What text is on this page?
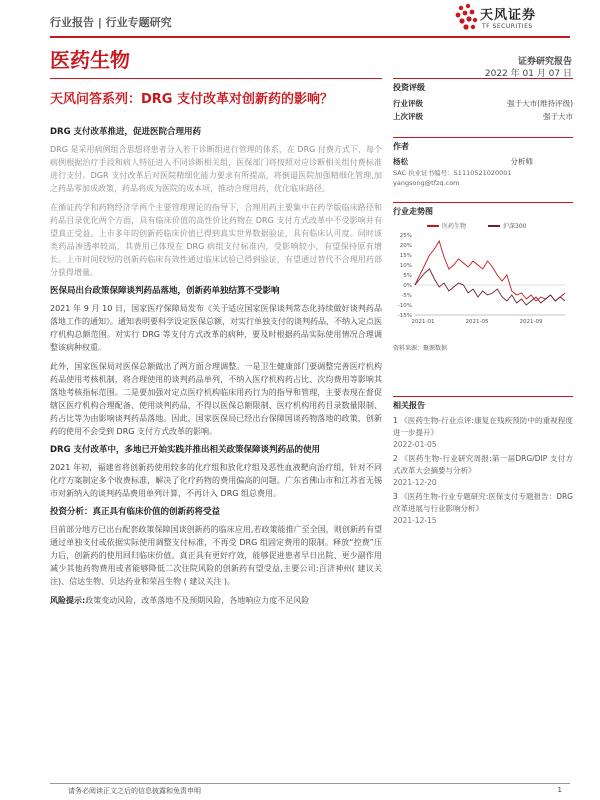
行业报告 | 行业专题研究	天风证券
TF SECURITIES
医药生物	证券研究报告
2022 年 01 月 07 日
天风问答系列：DRG 支付改革对创新药的影响？
DRG 支付改革推进，促进医院合理用药

DRG 是采用病例组合思想将患者分入若干诊断组进行管理的体系，在 DRG 付费方式下，每个病例根据治疗手段和病人特征进入不同诊断相关组，医保部门将按照对应诊断相关组付费标准进行支付。DGR 支付改革后对医院精细化能力要求有所提高，将倒逼医院加强精细化管理,加之药品零加成政策，药品将成为医院的成本项，推动合理用药，优化临床路径。

在循证药学和药物经济学两个主要管理理论的指导下，合理用药主要集中在药学版临床路径和药品目录优化两个方面，具有临床价值的高性价比药物在 DRG 支付方式改革中不受影响并有望真正受益。上市多年的创新药临床价值已得到真实世界数据验证，具有临床认可度。同时该类药品渗透率较高，其费用已体现在 DRG 病组支付标准内，受影响较小，有望保持原有增长。上市时间较短的创新药临床有效性通过临床试验已得到验证，有望通过替代不合理用药部分获得增量。

医保局出台政策保障谈判药品落地，创新药单独结算不受影响

2021 年 9 月 10 日，国家医疗保障局发布《关于适应国家医保谈判常态化持续做好谈判药品落地工作的通知》。通知表明要科学设定医保总额，对实行单独支付的谈判药品，不纳入定点医疗机构总额范围。对实行 DRG 等支付方式改革的病种，要及时根据药品实际使用情况合理调整该病种权重。

此外，国家医保局对医保总额做出了两方面合理调整。一是卫生健康部门要调整完善医疗机构药品使用考核机制，将合理使用的谈判药品单列，不纳入医疗机构药占比、次均费用等影响其落地考核指标范围。二是要加强对定点医疗机构临床用药行为的指导和管理，主要表现在督促辖区医疗机构合理配备、使用谈判药品，不得以医保总额限制、医疗机构用药目录数量限制、药占比等为由影响谈判药品落地。因此，国家医保局已经出台保障国谈药物落地的政策，创新药的使用不会受到 DRG 支付方式改革的影响。

DRG 支付改革中，多地已开始实践并推出相关政策保障谈判药品的使用

2021 年初，福建省将创新药使用较多的化疗组和放化疗组及恶性血液靶向治疗组，针对不同化疗方案制定多个收费标准，解决了化疗药物的费用偏高的问题。广东省佛山市和江苏省无锡市对新纳入的谈判药品费用单列计算，不再计入 DRG 组总费用。

投资分析：真正具有临床价值的创新药将受益

目前部分地方已出台配套政策保障国谈创新药的临床应用,若政策能推广至全国，则创新药有望通过单独支付或依据实际使用调整支付标准，不再受 DRG 组固定费用的限制。释放“控费”压力后，创新药的使用回归临床价值。真正具有更好疗效，能够促进患者早日出院、更少副作用减少其他药物费用或者能够降低二次住院风险的创新药有望受益,主要公司:百济神州( 建议关注)、信达生物、贝达药业和荣昌生物 ( 建议关注 )。

风险提示:政策变动风险，改革落地不及预期风险，各地响应力度不足风险

投资评级
行业评级	强于大市(维持评级)
上次评级	强于大市
作者
杨松	分析师
SAC 执业证书编号：S1110521020001
yangsong@tfzq.com
行业走势图
医药生物	沪深300
25%
20%
15%
10%
5%
0%
-5%
-10%
-15%
2021-01	2021-05	2021-09
资料来源：聚源数据
相关报告
1 《医药生物-行业点评:康复在残疾预防中的重视程度进一步提升》
2022-01-05
2 《医药生物-行业研究周报:第一届DRG/DIP 支付方式改革大会摘要与分析》
2021-12-20
3 《医药生物-行业专题研究:医保支付专题报告：DRG 改革进展与行业影响分析》
2021-12-15
请务必阅读正文之后的信息披露和免责申明	1
